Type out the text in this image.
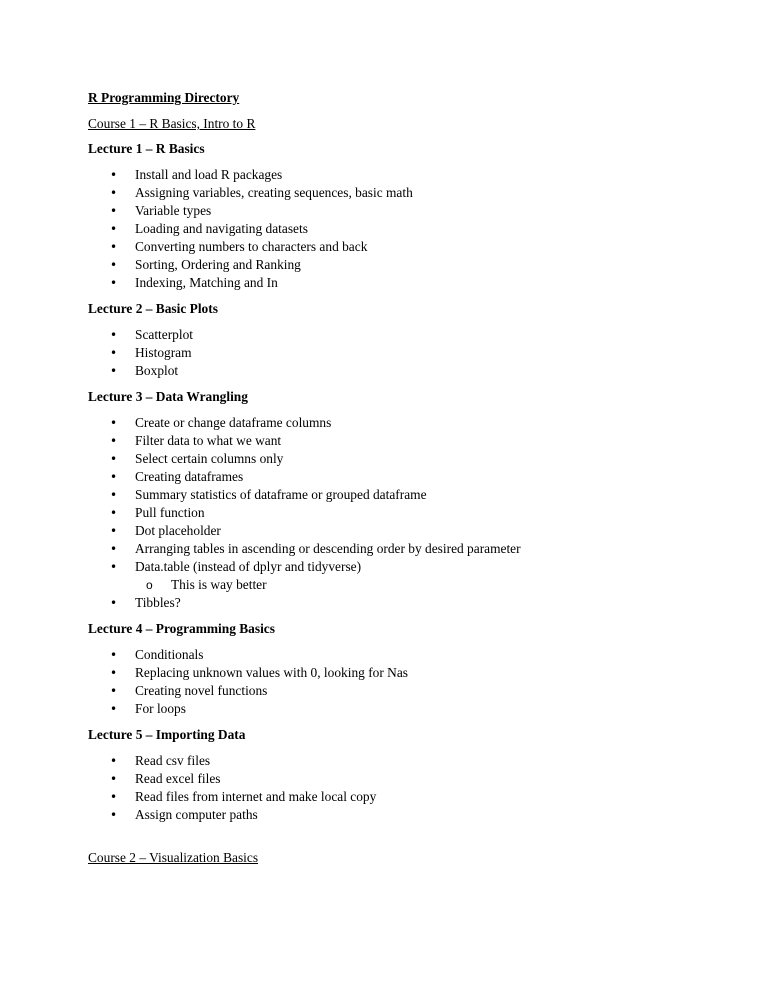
R Programming Directory
Course 1 – R Basics, Intro to R
Lecture 1 – R Basics
• Install and load R packages
• Assigning variables, creating sequences, basic math
• Variable types
• Loading and navigating datasets
• Converting numbers to characters and back
• Sorting, Ordering and Ranking
• Indexing, Matching and In
Lecture 2 – Basic Plots
• Scatterplot
• Histogram
• Boxplot
Lecture 3 – Data Wrangling
• Create or change dataframe columns
• Filter data to what we want
• Select certain columns only
• Creating dataframes
• Summary statistics of dataframe or grouped dataframe
• Pull function
• Dot placeholder
• Arranging tables in ascending or descending order by desired parameter
• Data.table (instead of dplyr and tidyverse)
o This is way better
• Tibbles?
Lecture 4 – Programming Basics
• Conditionals
• Replacing unknown values with 0, looking for Nas
• Creating novel functions
• For loops
Lecture 5 – Importing Data
• Read csv files
• Read excel files
• Read files from internet and make local copy
• Assign computer paths
Course 2 – Visualization Basics
